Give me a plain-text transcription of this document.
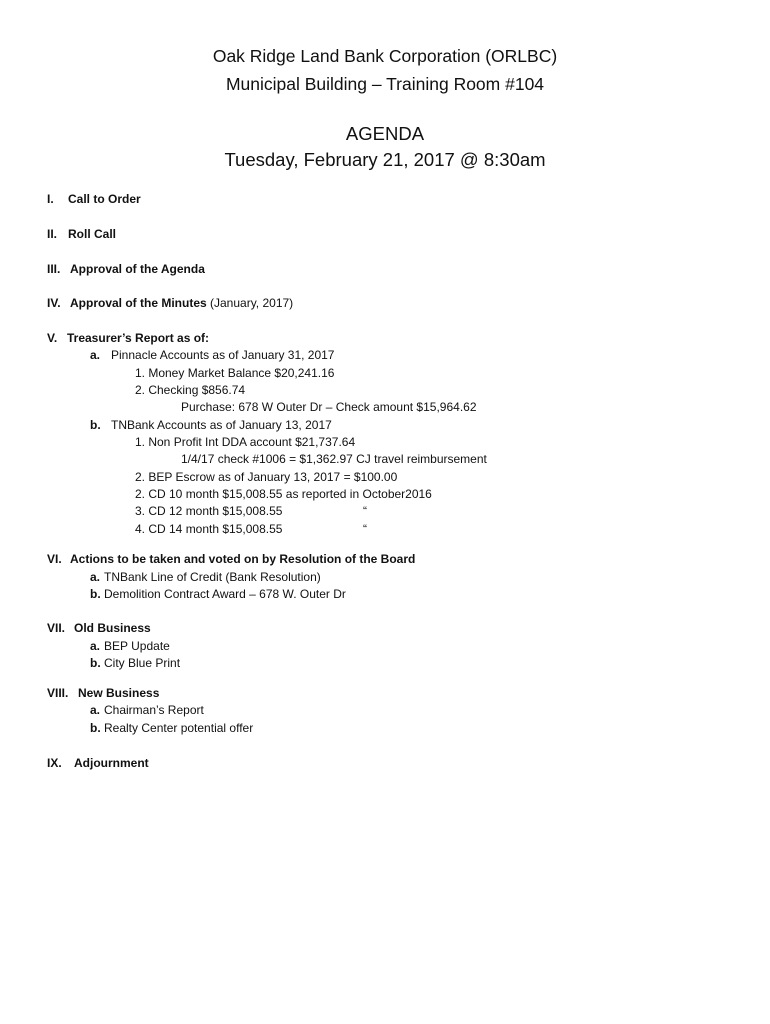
Oak Ridge Land Bank Corporation (ORLBC)
Municipal Building – Training Room #104
AGENDA
Tuesday, February 21, 2017 @ 8:30am
I. Call to Order
II. Roll Call
III. Approval of the Agenda
IV. Approval of the Minutes (January, 2017)
V. Treasurer’s Report as of:
a. Pinnacle Accounts as of January 31, 2017
1. Money Market Balance $20,241.16
2. Checking $856.74
Purchase: 678 W Outer Dr – Check amount $15,964.62
b. TNBank Accounts as of January 13, 2017
1. Non Profit Int DDA account $21,737.64
1/4/17 check #1006 = $1,362.97 CJ travel reimbursement
2. BEP Escrow as of January 13, 2017 = $100.00
2. CD 10 month $15,008.55 as reported in October2016
3. CD 12 month $15,008.55	“
4. CD 14 month $15,008.55	“
VI. Actions to be taken and voted on by Resolution of the Board
a. TNBank Line of Credit (Bank Resolution)
b. Demolition Contract Award – 678 W. Outer Dr
VII. Old Business
a. BEP Update
b. City Blue Print
VIII. New Business
a. Chairman’s Report
b. Realty Center potential offer
IX. Adjournment
